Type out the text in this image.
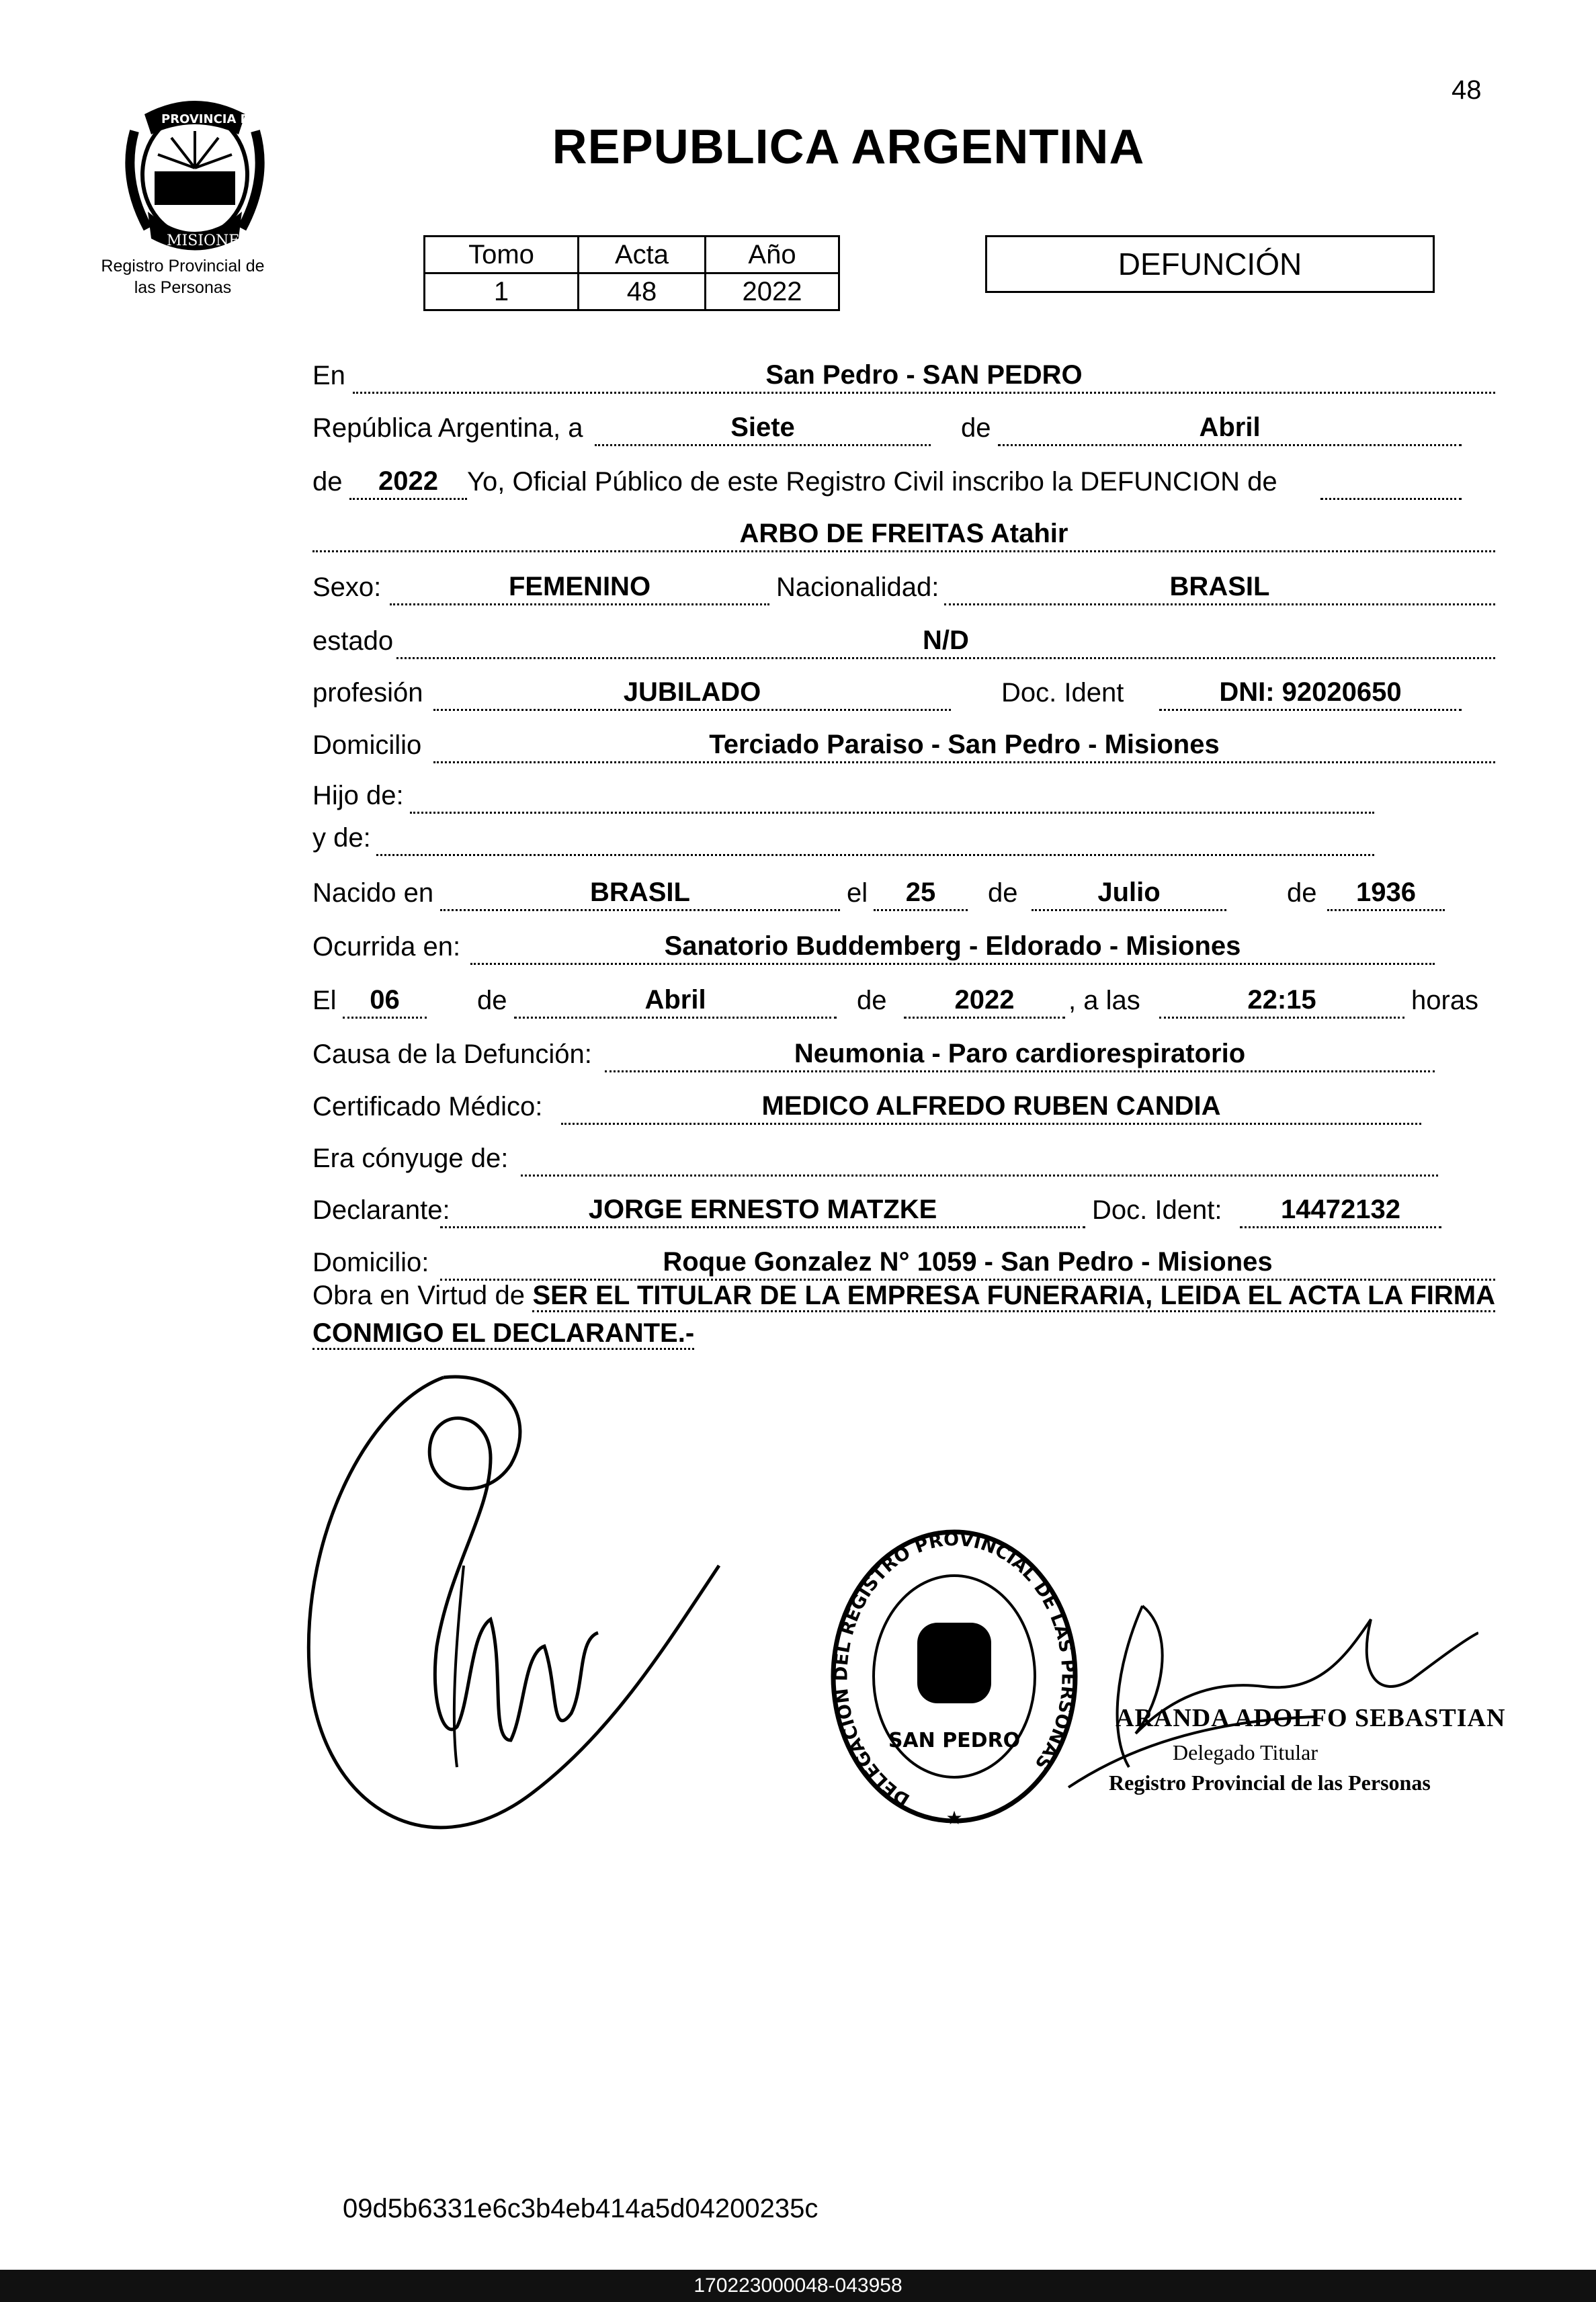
48
PROVINCIA DE
MISIONES
Registro Provincial de
las Personas
REPUBLICA ARGENTINA
Tomo	Acta	Año
1	48	2022
DEFUNCIÓN
En	San Pedro - SAN PEDRO
República Argentina, a	Siete	de	Abril
de	2022	Yo, Oficial Público de este Registro Civil inscribo la DEFUNCION de
ARBO DE FREITAS Atahir
Sexo:	FEMENINO	Nacionalidad:	BRASIL
estado	N/D
profesión	JUBILADO	Doc. Ident	DNI: 92020650
Domicilio	Terciado Paraiso - San Pedro - Misiones
Hijo de:
y de:
Nacido en	BRASIL	el	25	de	Julio	de	1936
Ocurrida en:	Sanatorio Buddemberg - Eldorado - Misiones
El	06	de	Abril	de	2022	, a las	22:15	horas
Causa de la Defunción:	Neumonia - Paro cardiorespiratorio
Certificado Médico:	MEDICO ALFREDO RUBEN CANDIA
Era cónyuge de:
Declarante:	JORGE ERNESTO MATZKE	Doc. Ident:	14472132
Domicilio:	Roque Gonzalez N° 1059 - San Pedro - Misiones
Obra en Virtud de SER EL TITULAR DE LA EMPRESA FUNERARIA, LEIDA EL ACTA LA FIRMA CONMIGO EL DECLARANTE.-
DELEGACION DEL REGISTRO PROVINCIAL DE LAS PERSONAS
SAN PEDRO
★
ARANDA ADOLFO SEBASTIAN
Delegado Titular
Registro Provincial de las Personas
09d5b6331e6c3b4eb414a5d04200235c
170223000048-043958
